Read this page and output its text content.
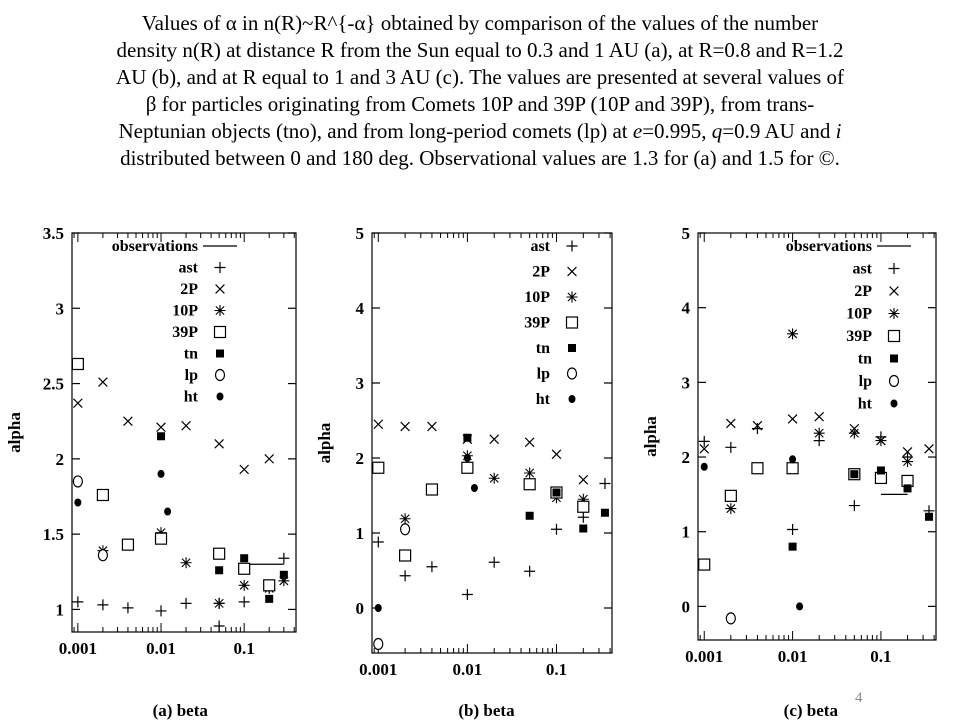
Values of α in n(R)~R^{-α} obtained by comparison of the values of the number
density n(R) at distance R from the Sun equal to 0.3 and 1 AU (a), at R=0.8 and R=1.2
AU (b), and at R equal to 1 and 3 AU (c). The values are presented at several values of
β for particles originating from Comets 10P and 39P (10P and 39P), from trans-
Neptunian objects (tno), and from long-period comets (lp) at e=0.995, q=0.9 AU and i
distributed between 0 and 180 deg. Observational values are 1.3 for (a) and 1.5 for ©.

1
1.5
2
2.5
3
3.5
0.001	0.01	0.1
(a) beta
alpha
observations
ast
2P
10P
39P
tn
lp
ht
0
1
2
3
4
5
0.001	0.01	0.1
(b) beta
alpha
ast
2P
10P
39P
tn
lp
ht
0
1
2
3
4
5
0.001	0.01	0.1
(c) beta
alpha
observations
ast
2P
10P
39P
tn
lp
ht
4
